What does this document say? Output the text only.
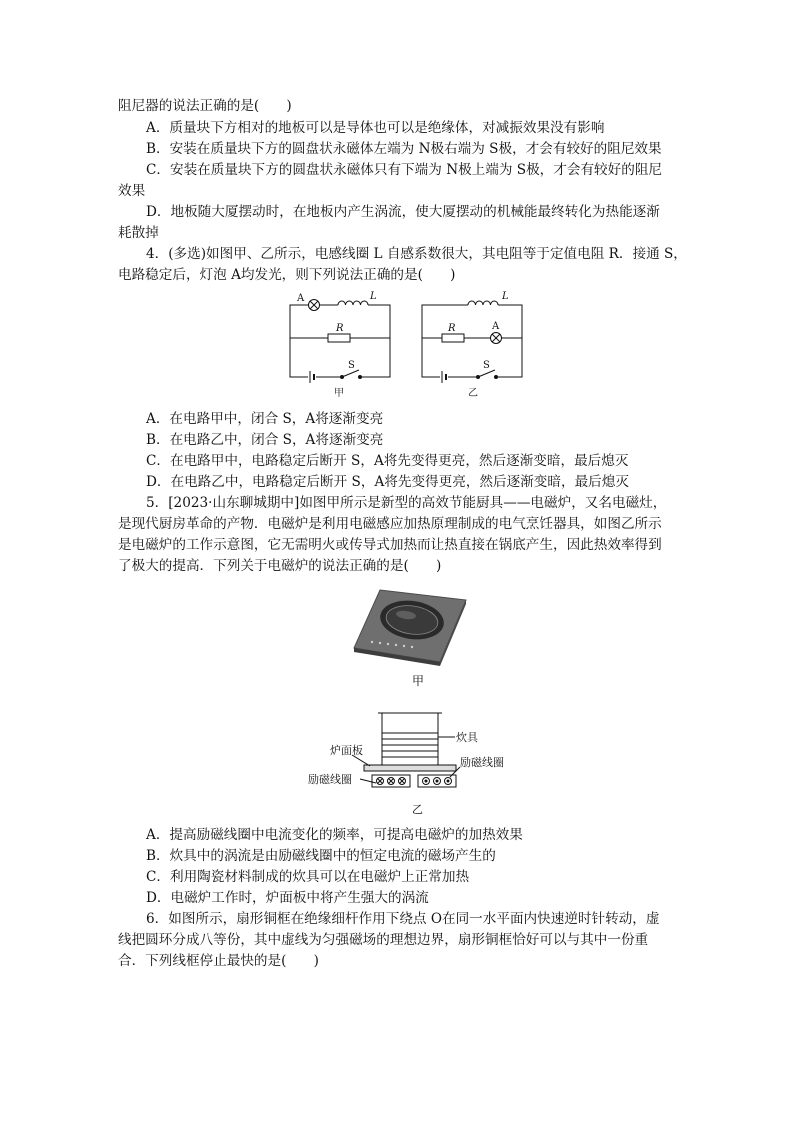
阻尼器的说法正确的是(　　)
A．质量块下方相对的地板可以是导体也可以是绝缘体，对减振效果没有影响
B．安装在质量块下方的圆盘状永磁体左端为 N极右端为 S极，才会有较好的阻尼效果
C．安装在质量块下方的圆盘状永磁体只有下端为 N极上端为 S极，才会有较好的阻尼
效果
D．地板随大厦摆动时，在地板内产生涡流，使大厦摆动的机械能最终转化为热能逐渐
耗散掉
4．(多选)如图甲、乙所示，电感线圈 L 自感系数很大，其电阻等于定值电阻 R．接通 S，
电路稳定后，灯泡 A均发光，则下列说法正确的是(　　)
A	L
R
S
L
R	A
S
甲	乙
A．在电路甲中，闭合 S，A将逐渐变亮
B．在电路乙中，闭合 S，A将逐渐变亮
C．在电路甲中，电路稳定后断开 S，A将先变得更亮，然后逐渐变暗，最后熄灭
D．在电路乙中，电路稳定后断开 S，A将先变得更亮，然后逐渐变暗，最后熄灭
5．[2023·山东聊城期中]如图甲所示是新型的高效节能厨具——电磁炉，又名电磁灶，
是现代厨房革命的产物．电磁炉是利用电磁感应加热原理制成的电气烹饪器具，如图乙所示
是电磁炉的工作示意图，它无需明火或传导式加热而让热直接在锅底产生，因此热效率得到
了极大的提高．下列关于电磁炉的说法正确的是(　　)
甲
炊具
炉面板
励磁线圈
励磁线圈
乙
A．提高励磁线圈中电流变化的频率，可提高电磁炉的加热效果
B．炊具中的涡流是由励磁线圈中的恒定电流的磁场产生的
C．利用陶瓷材料制成的炊具可以在电磁炉上正常加热
D．电磁炉工作时，炉面板中将产生强大的涡流
6．如图所示，扇形铜框在绝缘细杆作用下绕点 O在同一水平面内快速逆时针转动，虚
线把圆环分成八等份，其中虚线为匀强磁场的理想边界，扇形铜框恰好可以与其中一份重
合．下列线框停止最快的是(　　)
